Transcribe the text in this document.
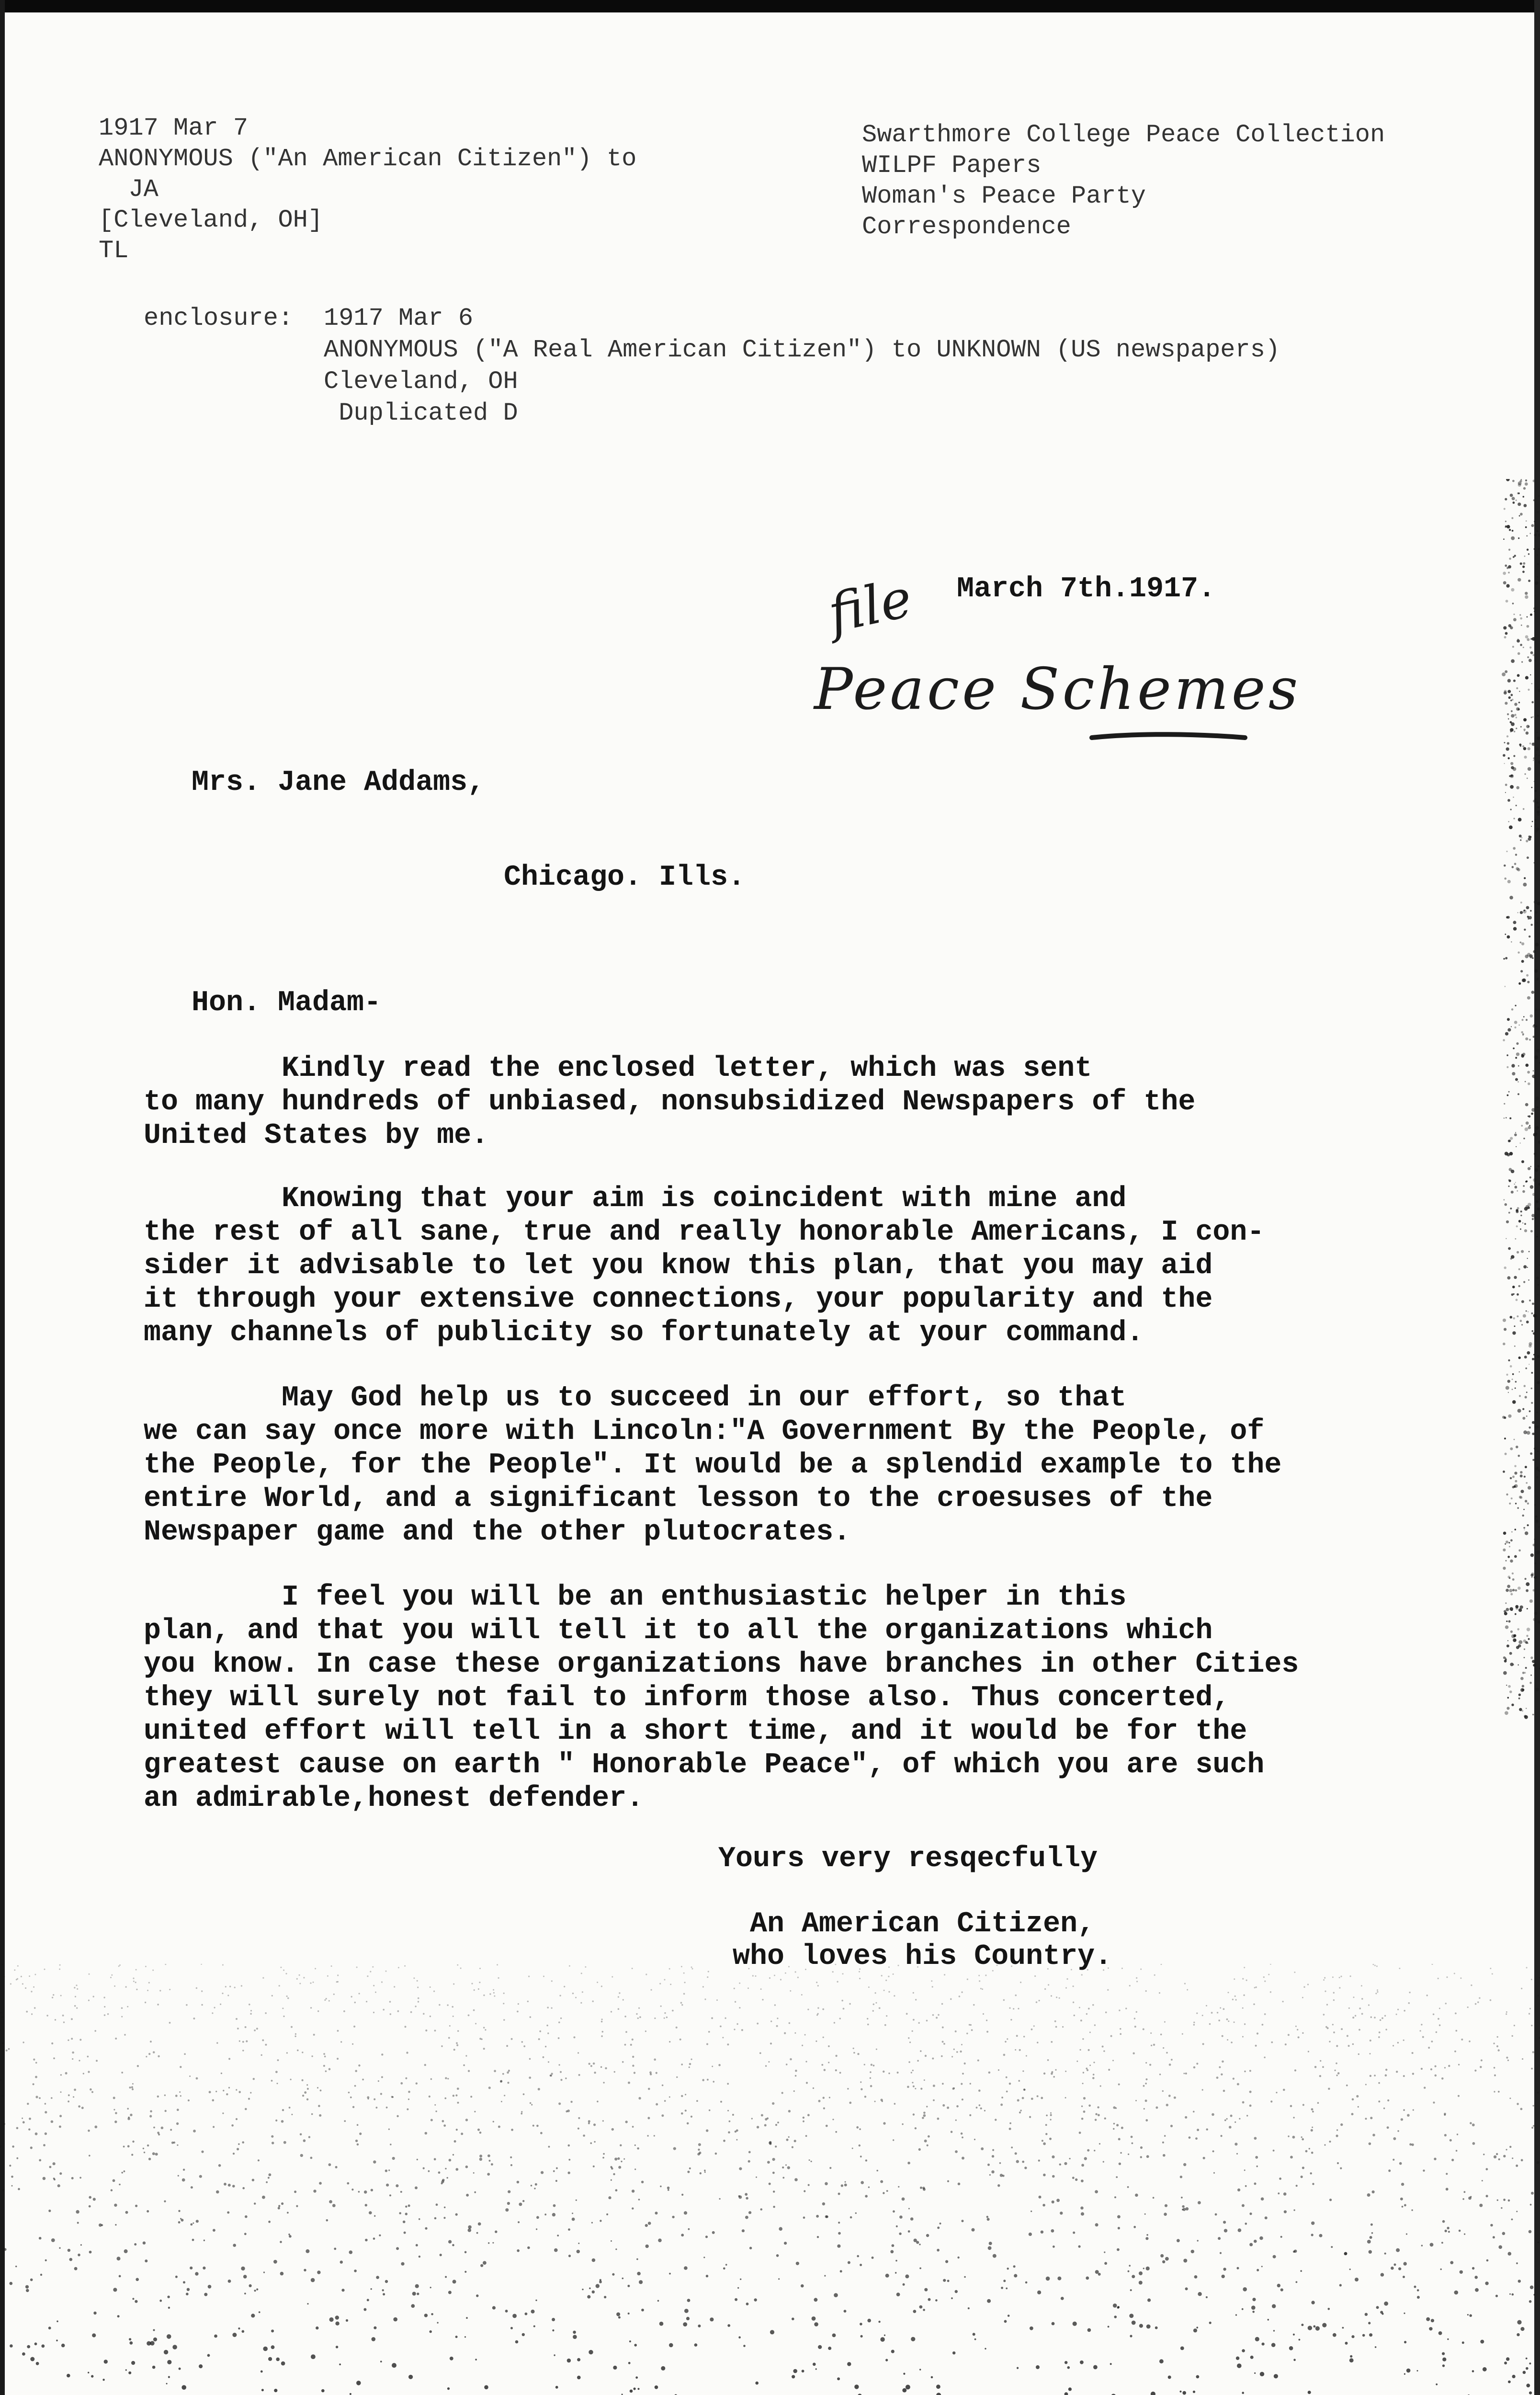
1917 Mar 7
ANONYMOUS ("An American Citizen") to
JA
[Cleveland, OH]
TL
Swarthmore College Peace Collection
WILPF Papers
Woman's Peace Party
Correspondence
enclosure: 1917 Mar 6
ANONYMOUS ("A Real American Citizen") to UNKNOWN (US newspapers)
Cleveland, OH
Duplicated D
file
Peace Schemes
March 7th.1917.
Mrs. Jane Addams,
Chicago. Ills.
Hon. Madam-
Kindly read the enclosed letter, which was sent
to many hundreds of unbiased, nonsubsidized Newspapers of the
United States by me.
Knowing that your aim is coincident with mine and
the rest of all sane, true and really honorable Americans, I con-
sider it advisable to let you know this plan, that you may aid
it through your extensive connections, your popularity and the
many channels of publicity so fortunately at your command.
May God help us to succeed in our effort, so that
we can say once more with Lincoln:"A Government By the People, of
the People, for the People". It would be a splendid example to the
entire World, and a significant lesson to the croesuses of the
Newspaper game and the other plutocrates.
I feel you will be an enthusiastic helper in this
plan, and that you will tell it to all the organizations which
you know. In case these organizations have branches in other Cities
they will surely not fail to inform those also. Thus concerted,
united effort will tell in a short time, and it would be for the
greatest cause on earth " Honorable Peace", of which you are such
an admirable,honest defender.
Yours very resqecfully
An American Citizen,
who loves his Country.
